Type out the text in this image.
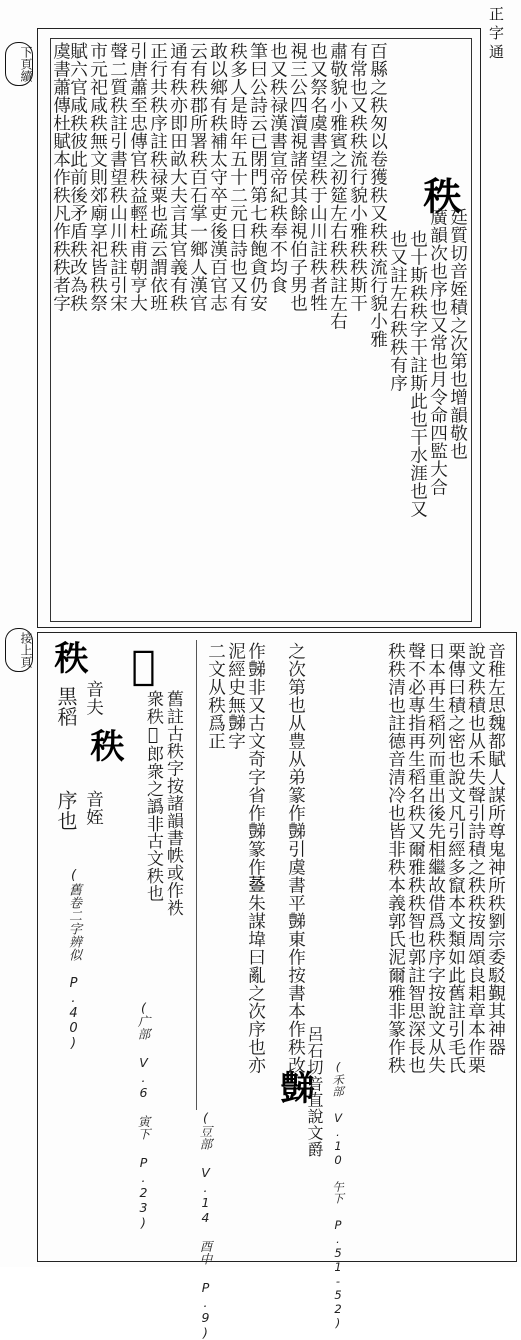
正字通
下頁續
接上頁
秩
廷質切音姪積之次第也增韻敬也
廣韻次也序也又常也月令命四監大合
也十斯秩秩字干註斯此也干水涯也又
也又註左右秩秩有序
百縣之秩匆以卷獲秩又秩秩流行貌小雅
有常也又秩秩流行貌小雅秩秩斯干
肅敬貌小雅賓之初筵左右秩秩註左右
也又祭名虞書望秩于山川註秩者牲
視三公四瀆視諸侯其餘視伯子男也
也又秩禄漢書宣帝紀秩奉不均食
筆曰公詩云已閉門第七秩飽貪仍安
秩多人是時年五十二元日詩也又有
敢以鄉有秩補太守卒吏後漢百官志
云有秩郡所署秩百石掌一鄉人漢官
通有秩亦即田畝大夫言其官義有秩
正行共秩序註秩禄粟也疏云謂依班
引唐蕭至忠傳官秩益輕杜甫朝亨大
聲二質秩註引書望秩山川秩註引宋
市元祀咸秩無文則郊廟享祀皆秩祭
賦六官咸秩彼此前後矛盾秩改為秩
虞書蕭傳杜賦本作秩凡作秩秩者字
音稚左思魏都賦人謀所尊鬼神所秩劉宗委駁覲其神器
說文秩積也从禾失聲引詩積之秩秩按周頌良耜章本作栗
栗傳曰積之密也說文凡引經多竄本文類如此舊註引毛氏
日本再生稻列而重出後先相繼故借爲秩序字按說文从失
聲不必專指再生稻名秩又爾雅秩秩智也郭註智思深長也
秩秩清也註德音清冷也皆非秩本義郭氏泥爾雅非篆作秩
(禾部 V.10 午下 P.51-52)
豑
呂石切音直說文爵
之次第也从豊从弟篆作豑引虞書平豑東作按書本作秩改
作豑非又古文奇字省作豑篆作𧯷朱謀㙔曰亂之次序也亦
泥經史無豑字
二文从秩爲正
(豆部 V.14 酉中 P.9)
𥟩
舊註古秩字按諸韻書帙或作袟
衆秩𥟩郎衆之譌非古文秩也
(广部 V.6 寅下 P.23)
秩
音夫
黒稻
秩
音姪
序也
(舊卷二字辨似 P.40)
